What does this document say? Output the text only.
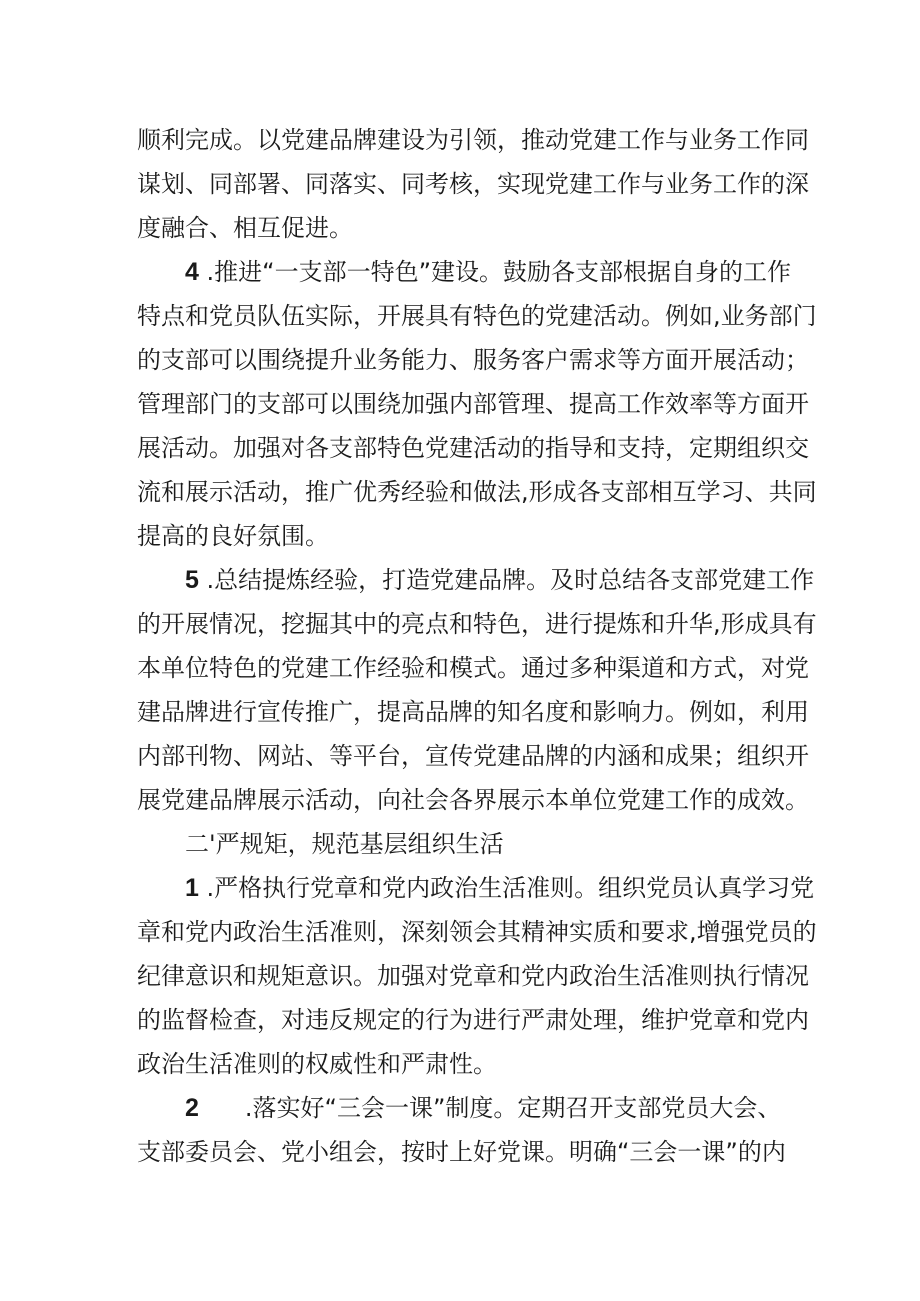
顺利完成。以党建品牌建设为引领，推动党建工作与业务工作同
谋划、同部署、同落实、同考核，实现党建工作与业务工作的深
度融合、相互促进。
4 .推进“一支部一特色”建设。鼓励各支部根据自身的工作
特点和党员队伍实际，开展具有特色的党建活动。例如,业务部门
的支部可以围绕提升业务能力、服务客户需求等方面开展活动；
管理部门的支部可以围绕加强内部管理、提高工作效率等方面开
展活动。加强对各支部特色党建活动的指导和支持，定期组织交
流和展示活动，推广优秀经验和做法,形成各支部相互学习、共同
提高的良好氛围。
5 .总结提炼经验，打造党建品牌。及时总结各支部党建工作
的开展情况，挖掘其中的亮点和特色，进行提炼和升华,形成具有
本单位特色的党建工作经验和模式。通过多种渠道和方式，对党
建品牌进行宣传推广，提高品牌的知名度和影响力。例如，利用
内部刊物、网站、等平台，宣传党建品牌的内涵和成果；组织开
展党建品牌展示活动，向社会各界展示本单位党建工作的成效。
二'严规矩，规范基层组织生活
1 .严格执行党章和党内政治生活准则。组织党员认真学习党
章和党内政治生活准则，深刻领会其精神实质和要求,增强党员的
纪律意识和规矩意识。加强对党章和党内政治生活准则执行情况
的监督检查，对违反规定的行为进行严肃处理，维护党章和党内
政治生活准则的权威性和严肃性。
2 .落实好“三会一课”制度。定期召开支部党员大会、
支部委员会、党小组会，按时上好党课。明确“三会一课”的内
